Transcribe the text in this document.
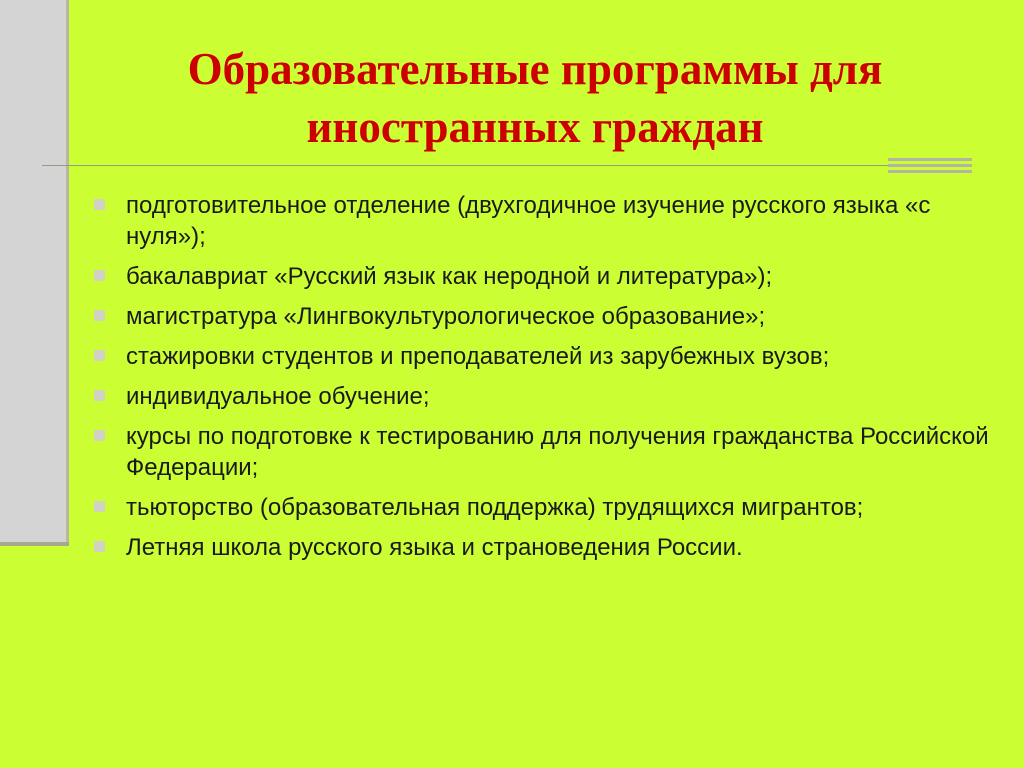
Образовательные программы для иностранных граждан
подготовительное отделение (двухгодичное изучение русского языка «с нуля»);
бакалавриат «Русский язык как неродной и литература»);
магистратура «Лингвокультурологическое образование»;
стажировки студентов и преподавателей из зарубежных вузов;
индивидуальное обучение;
курсы по подготовке к тестированию для получения гражданства Российской Федерации;
тьюторство (образовательная поддержка) трудящихся мигрантов;
Летняя школа русского языка и страноведения России.
